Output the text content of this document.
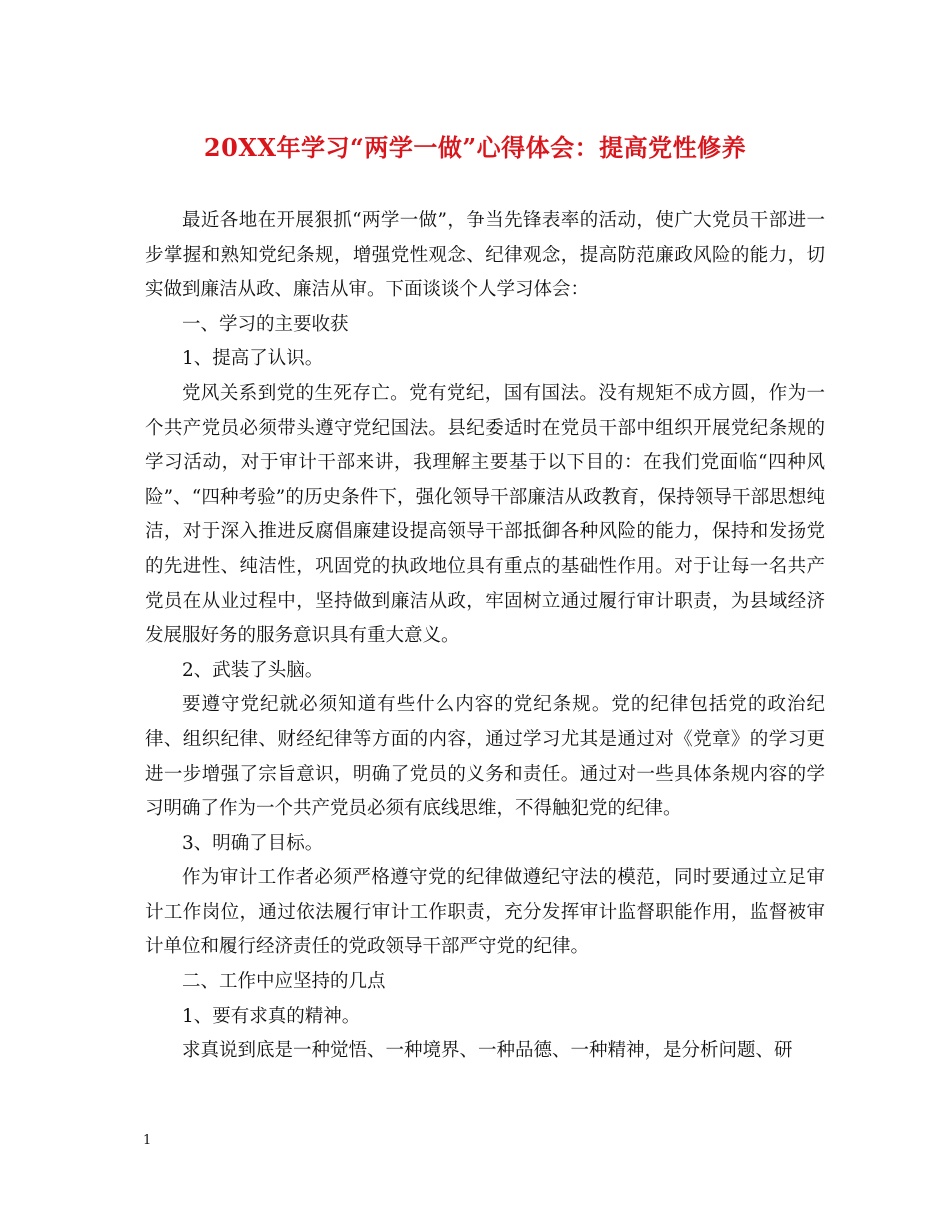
20XX年学习“两学一做”心得体会：提高党性修养

最近各地在开展狠抓“两学一做”，争当先锋表率的活动，使广大党员干部进一步掌握和熟知党纪条规，增强党性观念、纪律观念，提高防范廉政风险的能力，切实做到廉洁从政、廉洁从审。下面谈谈个人学习体会：

一、学习的主要收获

1、提高了认识。

党风关系到党的生死存亡。党有党纪，国有国法。没有规矩不成方圆，作为一个共产党员必须带头遵守党纪国法。县纪委适时在党员干部中组织开展党纪条规的学习活动，对于审计干部来讲，我理解主要基于以下目的：在我们党面临“四种风险”、“四种考验”的历史条件下，强化领导干部廉洁从政教育，保持领导干部思想纯洁，对于深入推进反腐倡廉建设提高领导干部抵御各种风险的能力，保持和发扬党的先进性、纯洁性，巩固党的执政地位具有重点的基础性作用。对于让每一名共产党员在从业过程中，坚持做到廉洁从政，牢固树立通过履行审计职责，为县域经济发展服好务的服务意识具有重大意义。

2、武装了头脑。

要遵守党纪就必须知道有些什么内容的党纪条规。党的纪律包括党的政治纪律、组织纪律、财经纪律等方面的内容，通过学习尤其是通过对《党章》的学习更进一步增强了宗旨意识，明确了党员的义务和责任。通过对一些具体条规内容的学习明确了作为一个共产党员必须有底线思维，不得触犯党的纪律。

3、明确了目标。

作为审计工作者必须严格遵守党的纪律做遵纪守法的模范，同时要通过立足审计工作岗位，通过依法履行审计工作职责，充分发挥审计监督职能作用，监督被审计单位和履行经济责任的党政领导干部严守党的纪律。

二、工作中应坚持的几点

1、要有求真的精神。

求真说到底是一种觉悟、一种境界、一种品德、一种精神，是分析问题、研

1
